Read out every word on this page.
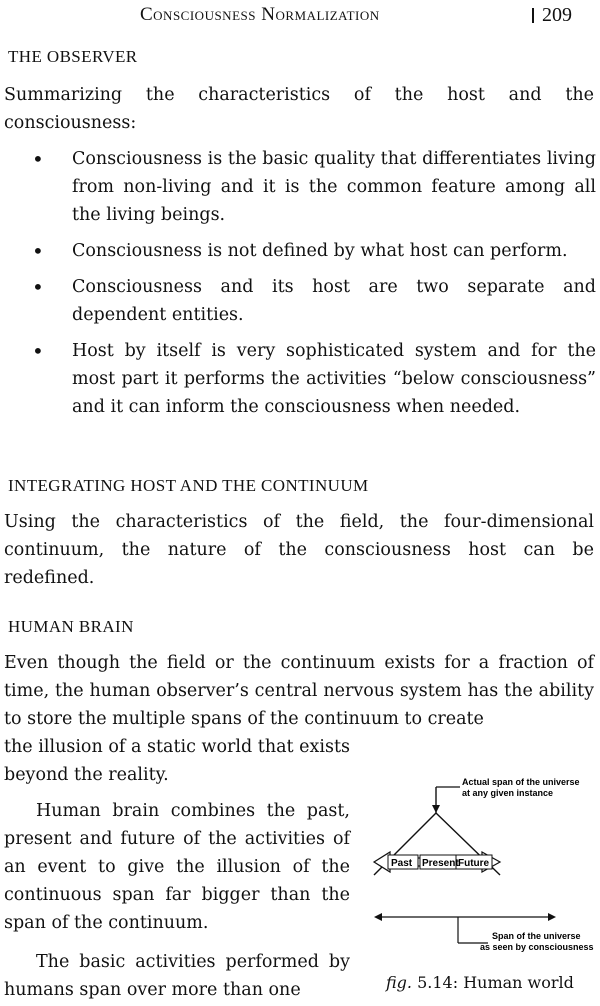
Consciousness Normalization	209
THE OBSERVER
Summarizing the characteristics of the host and the consciousness:
• Consciousness is the basic quality that differentiates living from non-living and it is the common feature among all the living beings.
• Consciousness is not defined by what host can perform.
• Consciousness and its host are two separate and dependent entities.
• Host by itself is very sophisticated system and for the most part it performs the activities “below consciousness” and it can inform the consciousness when needed.
INTEGRATING HOST AND THE CONTINUUM
Using the characteristics of the field, the four-dimensional continuum, the nature of the consciousness host can be redefined.
HUMAN BRAIN
Even though the field or the continuum exists for a fraction of time, the human observer’s central nervous system has the ability to store the multiple spans of the continuum to create
the illusion of a static world that exists beyond the reality.
Human brain combines the past, present and future of the activities of an event to give the illusion of the continuous span far bigger than the span of the continuum.
The basic activities performed by humans span over more than one
Past Present Future
Actual span of the universe
at any given instance
Span of the universe
as seen by consciousness
fig. 5.14: Human world
